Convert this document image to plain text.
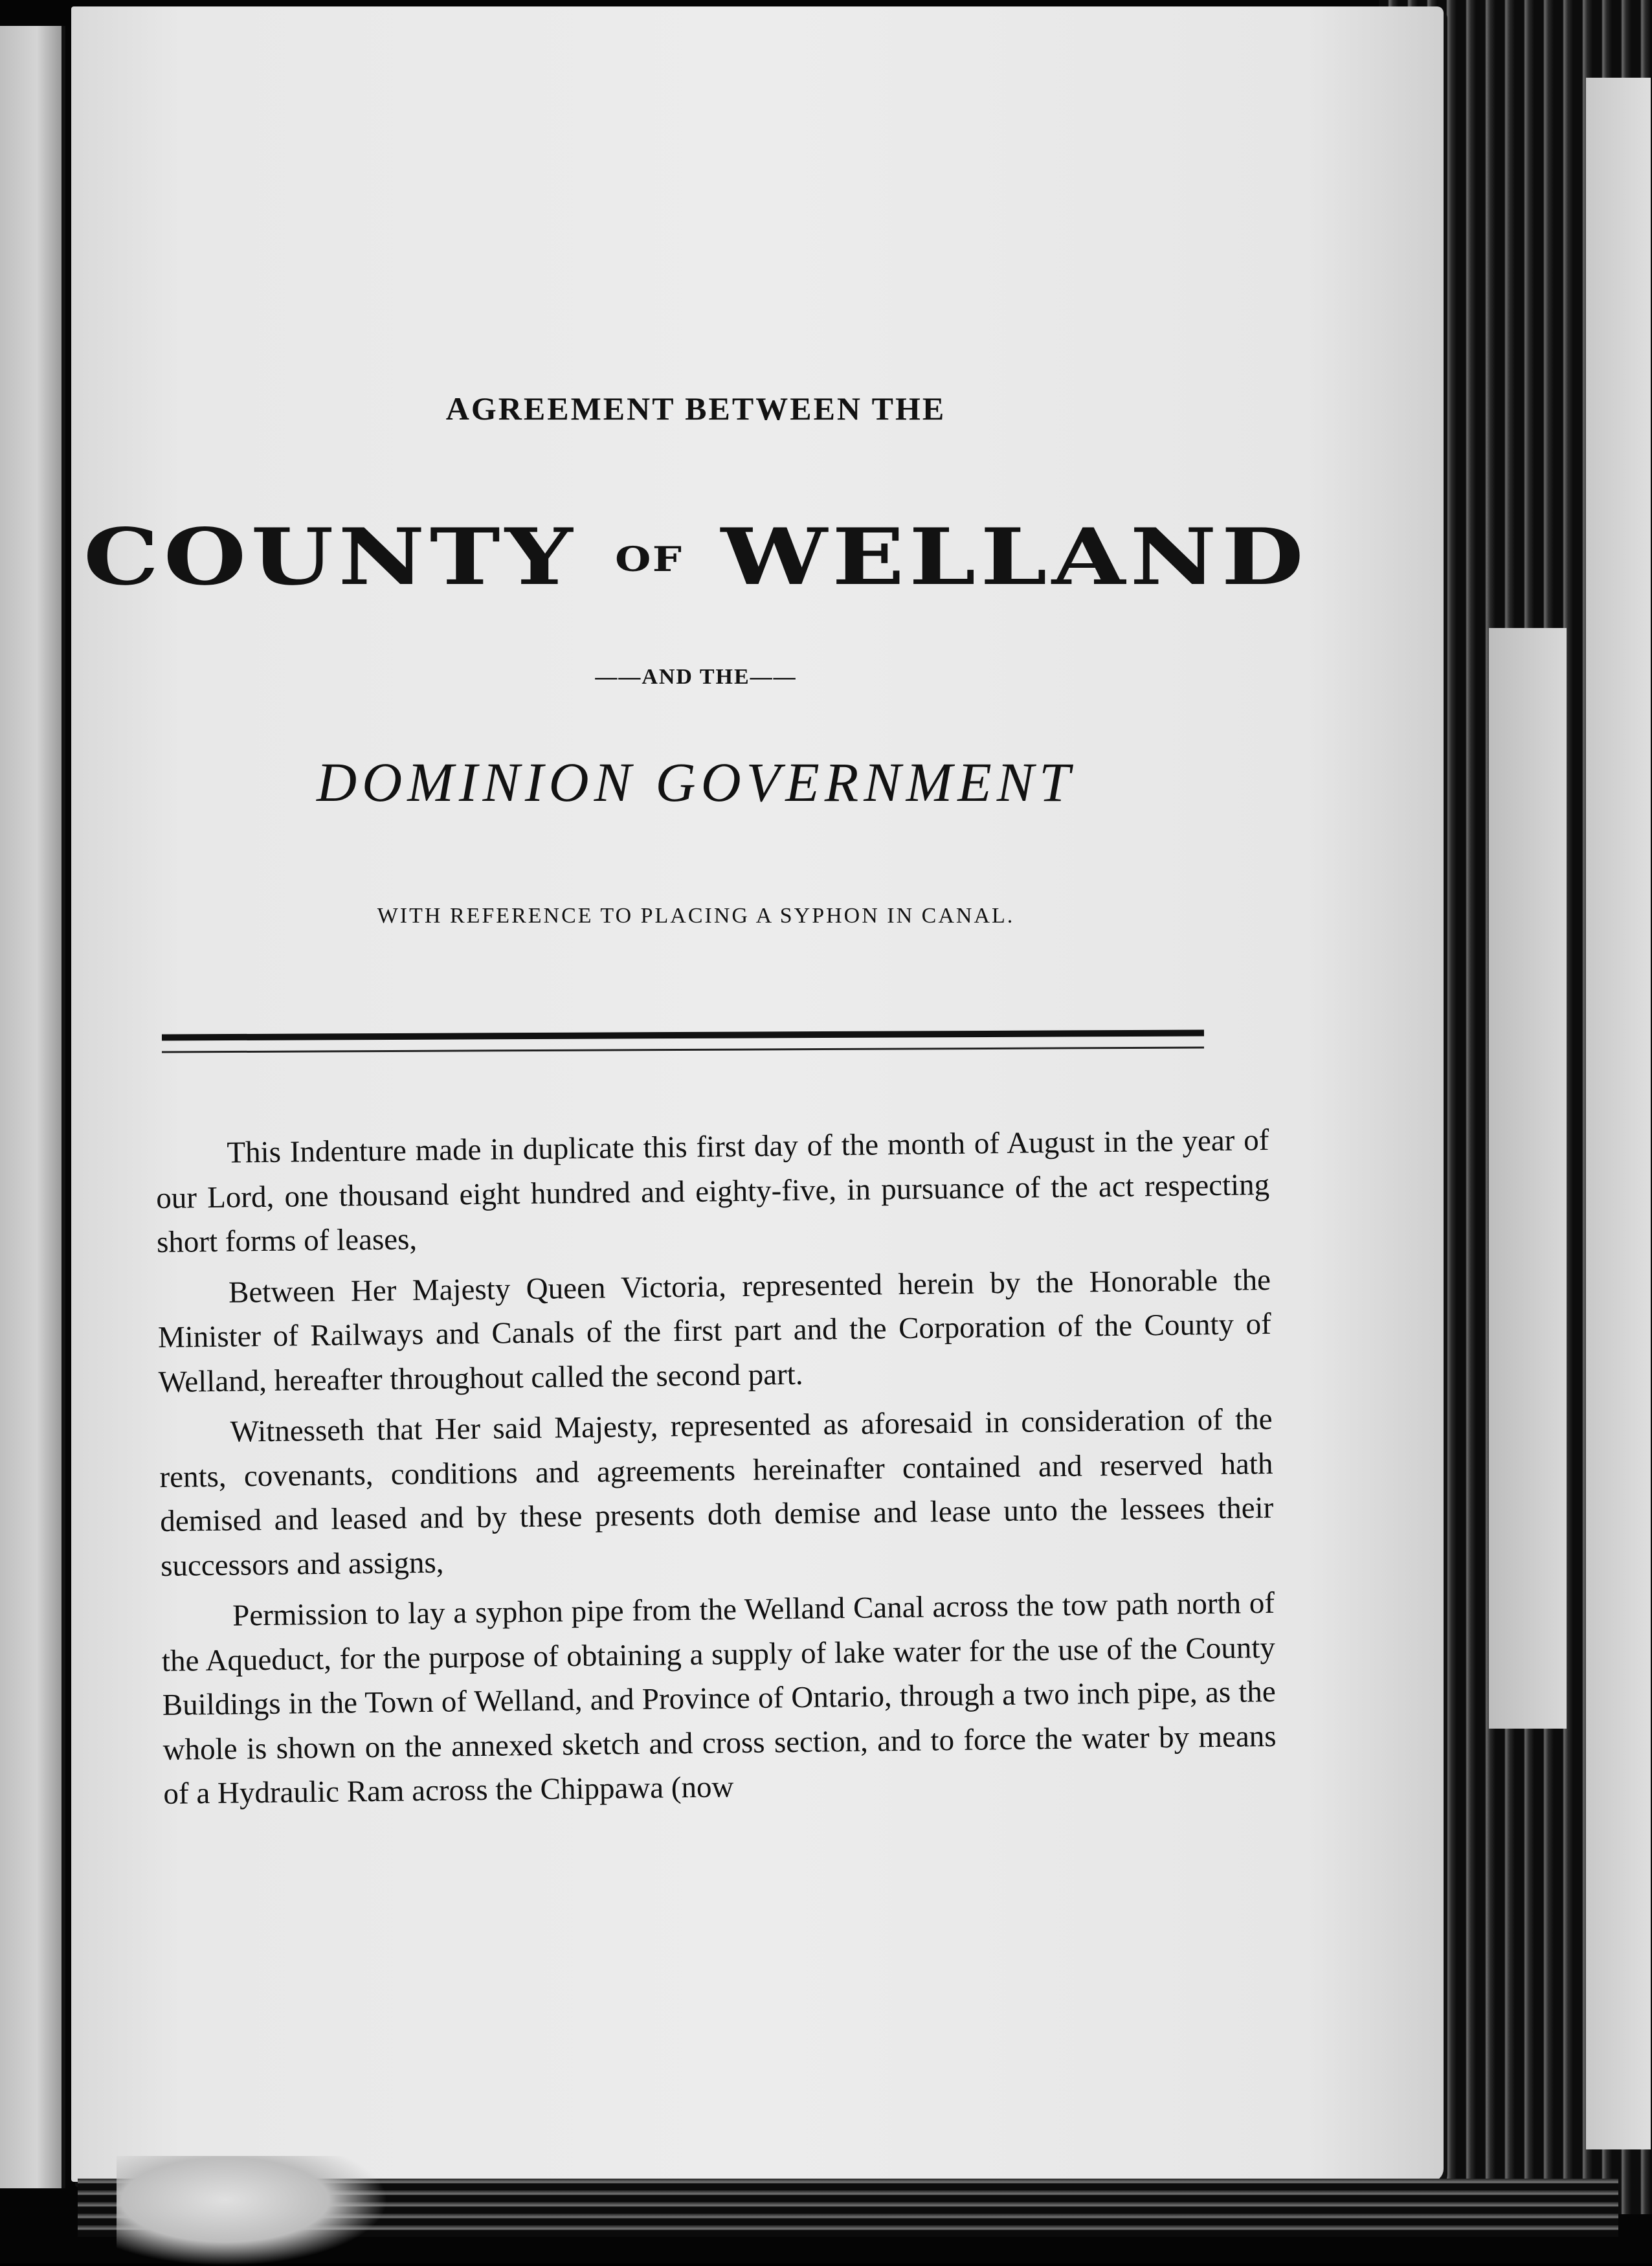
AGREEMENT BETWEEN THE
COUNTY OF WELLAND
——AND THE——
DOMINION GOVERNMENT
WITH REFERENCE TO PLACING A SYPHON IN CANAL.

This Indenture made in duplicate this first day of the month of August in the year of our Lord, one thousand eight hundred and eighty-five, in pursuance of the act respecting short forms of leases,

Between Her Majesty Queen Victoria, represented herein by the Honorable the Minister of Railways and Canals of the first part and the Corporation of the County of Welland, hereafter throughout called the second part.

Witnesseth that Her said Majesty, represented as aforesaid in consideration of the rents, covenants, conditions and agreements hereinafter contained and reserved hath demised and leased and by these presents doth demise and lease unto the lessees their successors and assigns,

Permission to lay a syphon pipe from the Welland Canal across the tow path north of the Aqueduct, for the purpose of obtaining a supply of lake water for the use of the County Buildings in the Town of Welland, and Province of Ontario, through a two inch pipe, as the whole is shown on the annexed sketch and cross section, and to force the water by means of a Hydraulic Ram across the Chippawa (now
